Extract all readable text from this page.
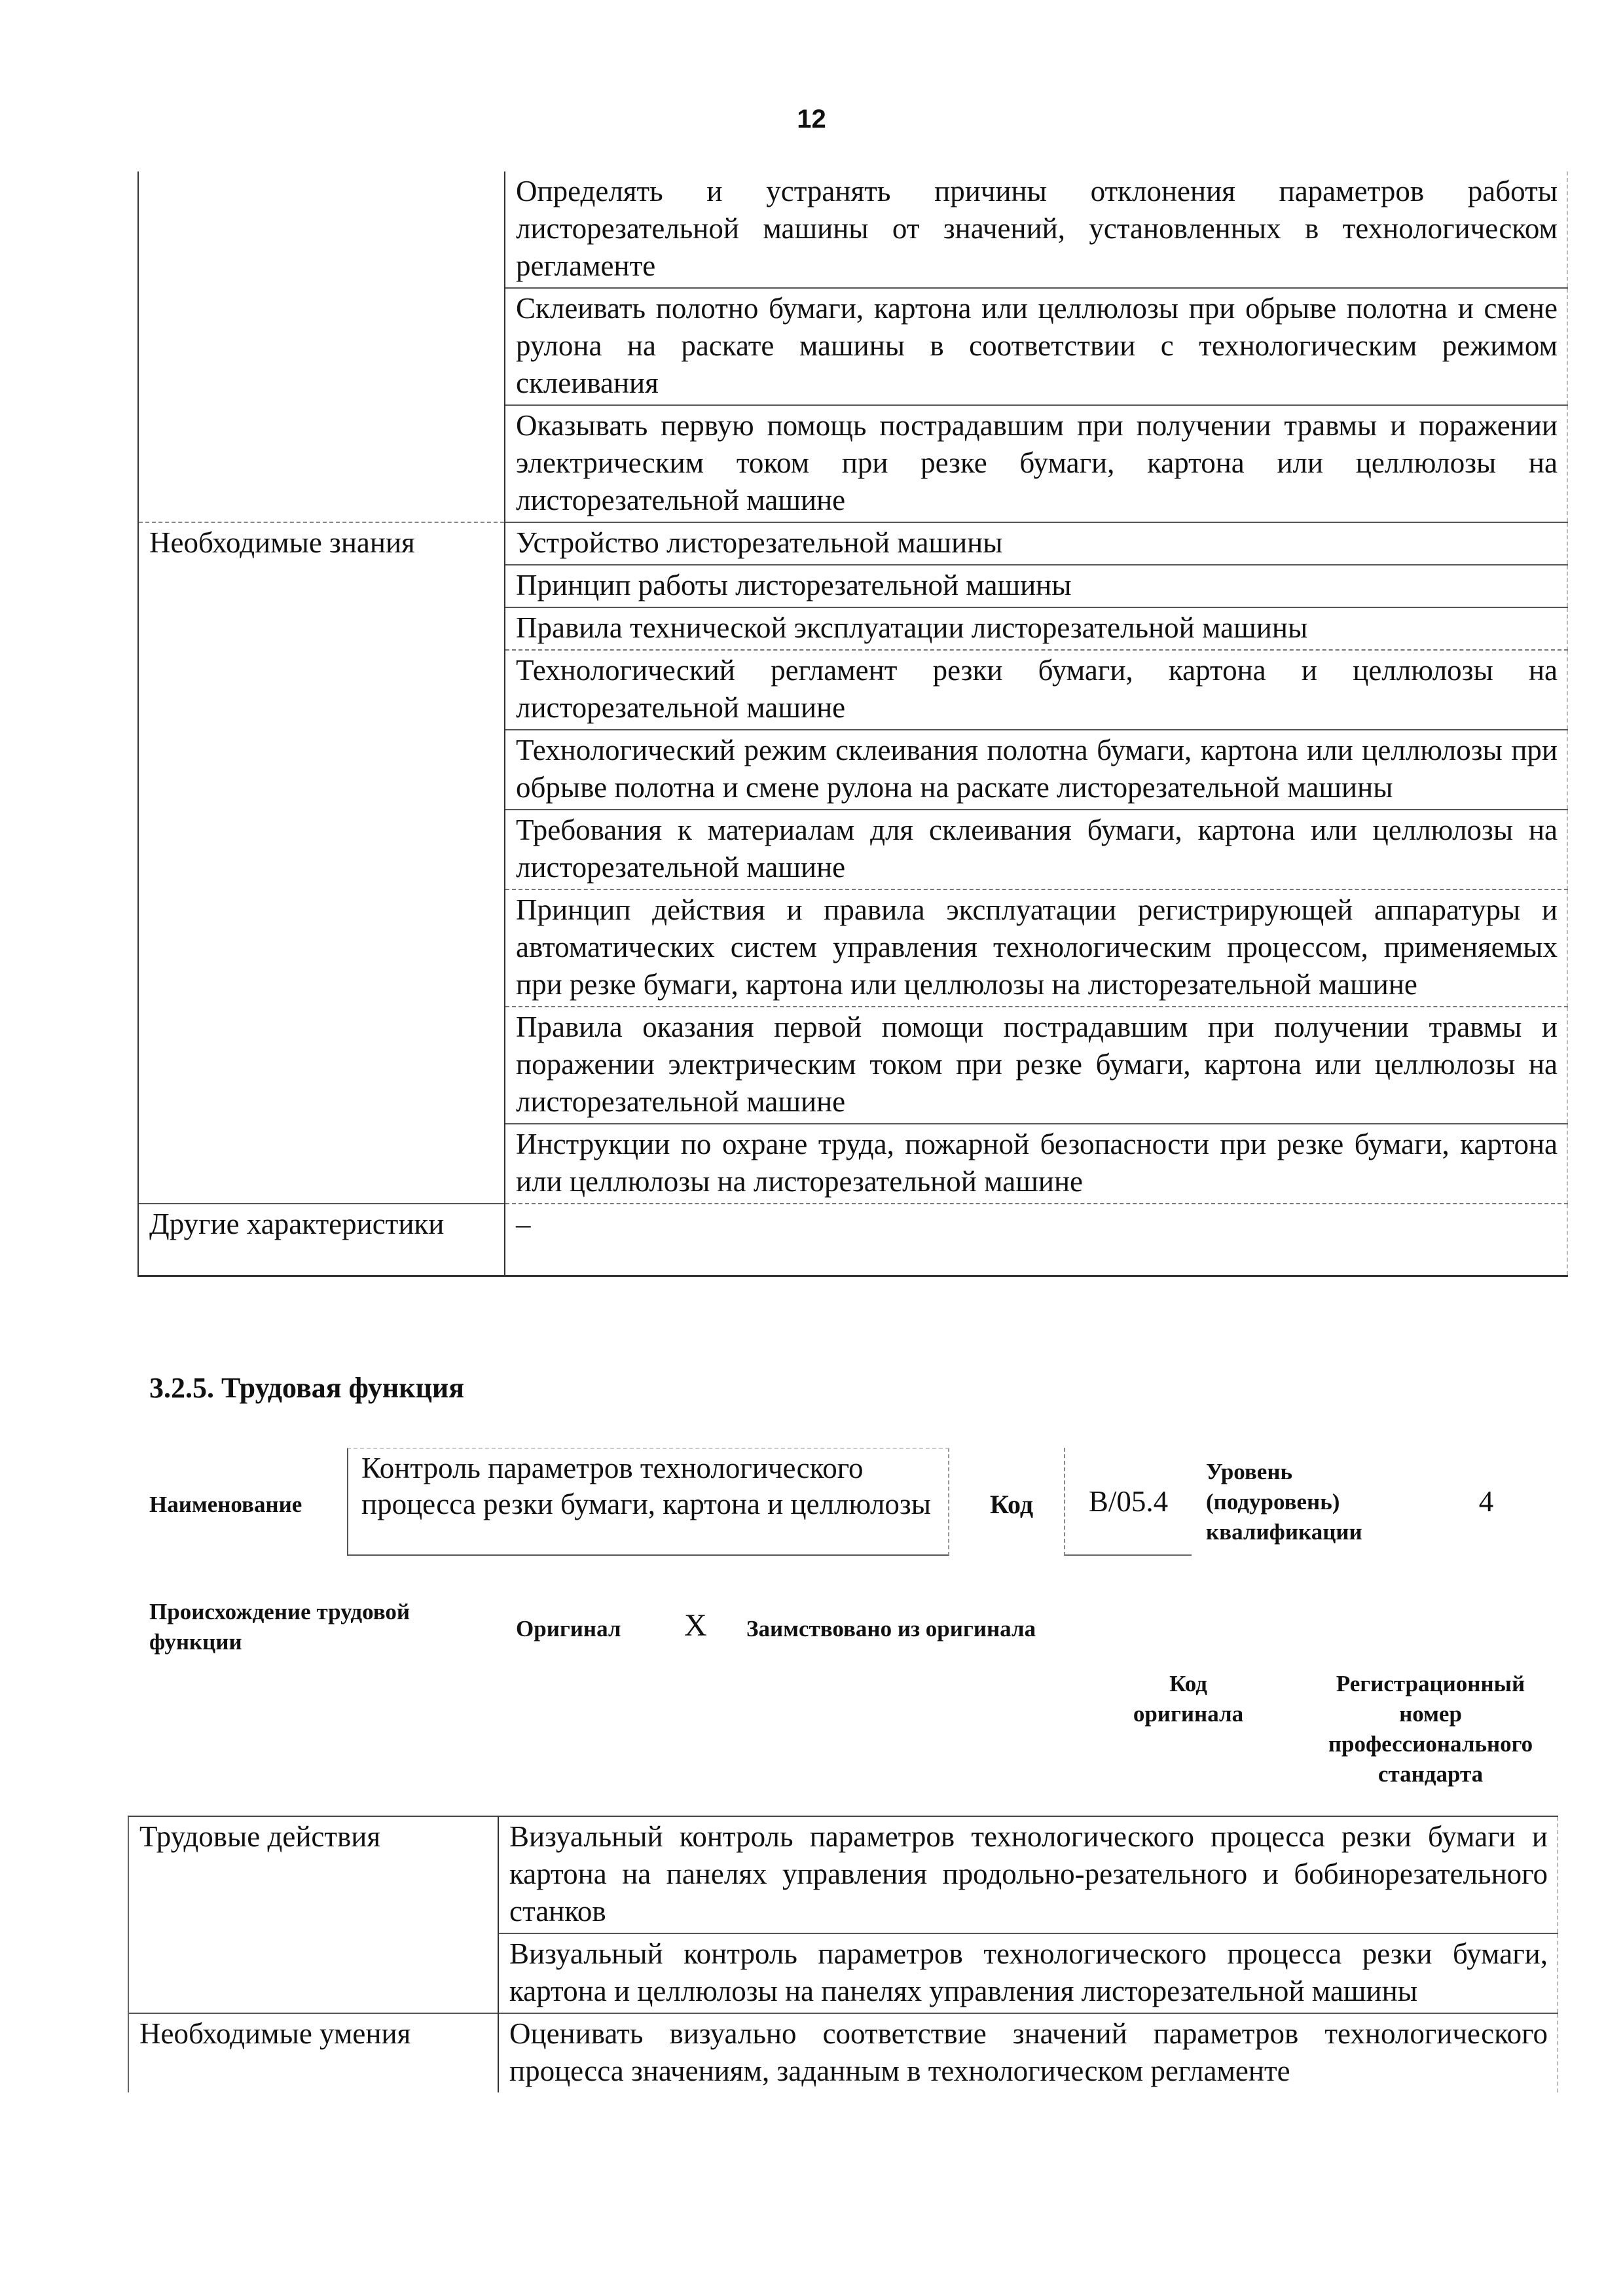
12
	Определять и устранять причины отклонения параметров работы листорезательной машины от значений, установленных в технологическом регламенте
	Склеивать полотно бумаги, картона или целлюлозы при обрыве полотна и смене рулона на раскате машины в соответствии с технологическим режимом склеивания
	Оказывать первую помощь пострадавшим при получении травмы и поражении электрическим током при резке бумаги, картона или целлюлозы на листорезательной машине
Необходимые знания	Устройство листорезательной машины
	Принцип работы листорезательной машины
	Правила технической эксплуатации листорезательной машины
	Технологический регламент резки бумаги, картона и целлюлозы на листорезательной машине
	Технологический режим склеивания полотна бумаги, картона или целлюлозы при обрыве полотна и смене рулона на раскате листорезательной машины
	Требования к материалам для склеивания бумаги, картона или целлюлозы на листорезательной машине
	Принцип действия и правила эксплуатации регистрирующей аппаратуры и автоматических систем управления технологическим процессом, применяемых при резке бумаги, картона или целлюлозы на листорезательной машине
	Правила оказания первой помощи пострадавшим при получении травмы и поражении электрическим током при резке бумаги, картона или целлюлозы на листорезательной машине
	Инструкции по охране труда, пожарной безопасности при резке бумаги, картона или целлюлозы на листорезательной машине
Другие характеристики	–
3.2.5. Трудовая функция
Наименование
Контроль параметров технологического процесса резки бумаги, картона и целлюлозы	Код	B/05.4
Уровень (подуровень) квалификации
4
Происхождение трудовой функции
Оригинал X Заимствовано из оригинала
Код оригинала
Регистрационный номер профессионального стандарта
Трудовые действия	Визуальный контроль параметров технологического процесса резки бумаги и картона на панелях управления продольно-резательного и бобинорезательного станков
	Визуальный контроль параметров технологического процесса резки бумаги, картона и целлюлозы на панелях управления листорезательной машины
Необходимые умения	Оценивать визуально соответствие значений параметров технологического процесса значениям, заданным в технологическом регламенте
